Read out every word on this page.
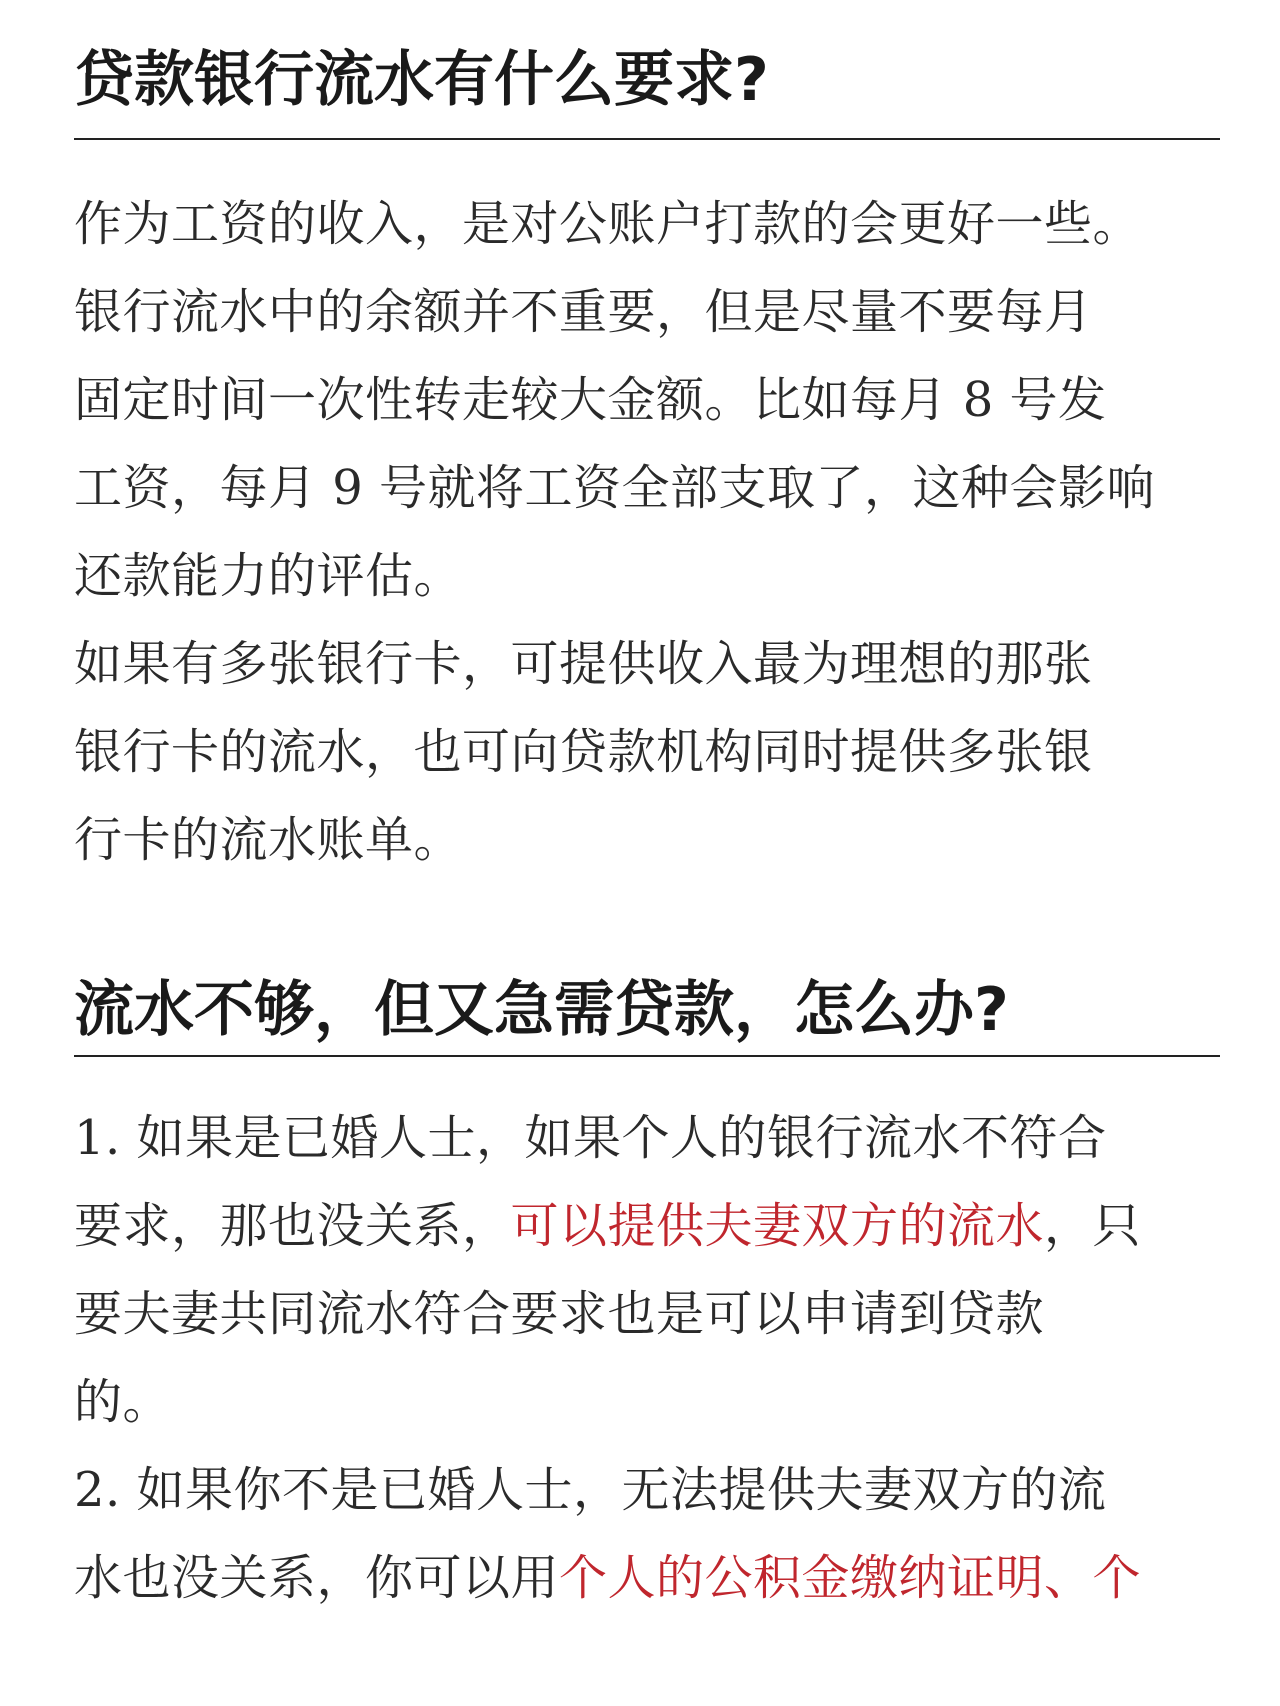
贷款银行流水有什么要求?
作为工资的收入，是对公账户打款的会更好一些。
银行流水中的余额并不重要，但是尽量不要每月
固定时间一次性转走较大金额。比如每月 8 号发
工资，每月 9 号就将工资全部支取了，这种会影响
还款能力的评估。
如果有多张银行卡，可提供收入最为理想的那张
银行卡的流水，也可向贷款机构同时提供多张银
行卡的流水账单。
流水不够，但又急需贷款，怎么办?
1. 如果是已婚人士，如果个人的银行流水不符合
要求，那也没关系，可以提供夫妻双方的流水，只
要夫妻共同流水符合要求也是可以申请到贷款
的。
2. 如果你不是已婚人士，无法提供夫妻双方的流
水也没关系，你可以用个人的公积金缴纳证明、个
